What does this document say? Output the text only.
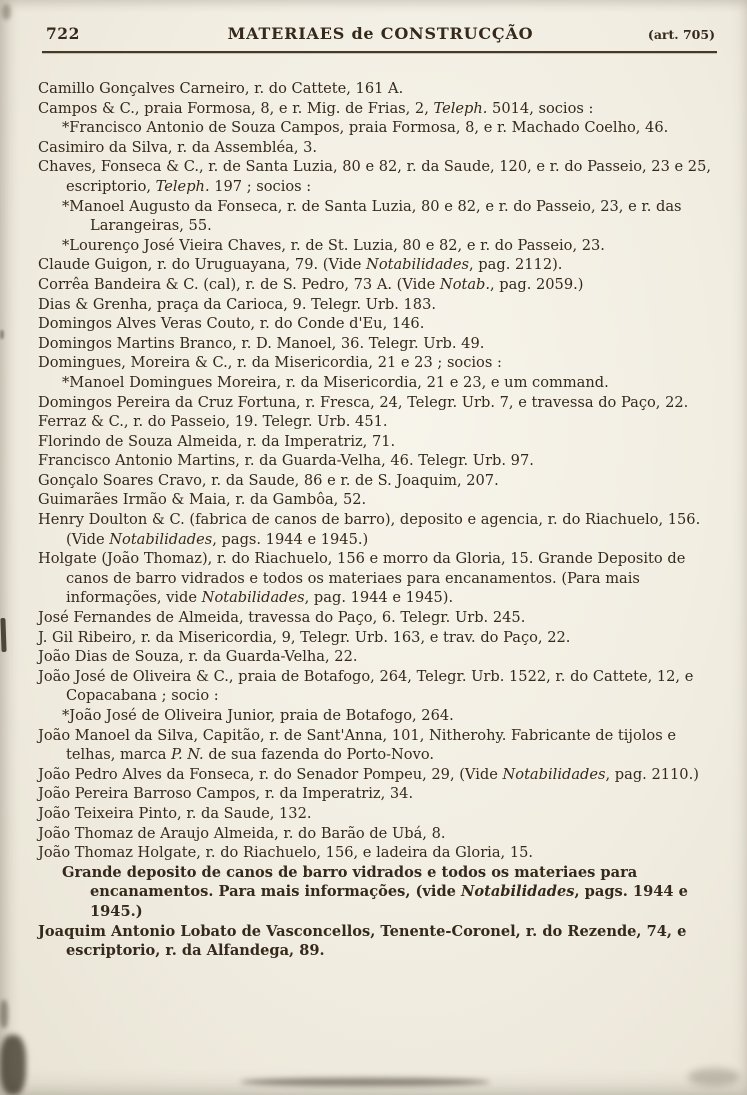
722	MATERIAES de CONSTRUCÇÃO	(art. 705)
Camillo Gonçalves Carneiro, r. do Cattete, 161 A.
Campos & C., praia Formosa, 8, e r. Mig. de Frias, 2, Teleph. 5014, socios :
*Francisco Antonio de Souza Campos, praia Formosa, 8, e r. Machado Coelho, 46.
Casimiro da Silva, r. da Assembléa, 3.
Chaves, Fonseca & C., r. de Santa Luzia, 80 e 82, r. da Saude, 120, e r. do Passeio, 23 e 25, escriptorio, Teleph. 197 ; socios :
*Manoel Augusto da Fonseca, r. de Santa Luzia, 80 e 82, e r. do Passeio, 23, e r. das Larangeiras, 55.
*Lourenço José Vieira Chaves, r. de St. Luzia, 80 e 82, e r. do Passeio, 23.
Claude Guigon, r. do Uruguayana, 79. (Vide Notabilidades, pag. 2112).
Corrêa Bandeira & C. (cal), r. de S. Pedro, 73 A. (Vide Notab., pag. 2059.)
Dias & Grenha, praça da Carioca, 9. Telegr. Urb. 183.
Domingos Alves Veras Couto, r. do Conde d'Eu, 146.
Domingos Martins Branco, r. D. Manoel, 36. Telegr. Urb. 49.
Domingues, Moreira & C., r. da Misericordia, 21 e 23 ; socios :
*Manoel Domingues Moreira, r. da Misericordia, 21 e 23, e um command.
Domingos Pereira da Cruz Fortuna, r. Fresca, 24, Telegr. Urb. 7, e travessa do Paço, 22.
Ferraz & C., r. do Passeio, 19. Telegr. Urb. 451.
Florindo de Souza Almeida, r. da Imperatriz, 71.
Francisco Antonio Martins, r. da Guarda-Velha, 46. Telegr. Urb. 97.
Gonçalo Soares Cravo, r. da Saude, 86 e r. de S. Joaquim, 207.
Guimarães Irmão & Maia, r. da Gambôa, 52.
Henry Doulton & C. (fabrica de canos de barro), deposito e agencia, r. do Riachuelo, 156. (Vide Notabilidades, pags. 1944 e 1945.)
Holgate (João Thomaz), r. do Riachuelo, 156 e morro da Gloria, 15. Grande Deposito de canos de barro vidrados e todos os materiaes para encanamentos. (Para mais informações, vide Notabilidades, pag. 1944 e 1945).
José Fernandes de Almeida, travessa do Paço, 6. Telegr. Urb. 245.
J. Gil Ribeiro, r. da Misericordia, 9, Telegr. Urb. 163, e trav. do Paço, 22.
João Dias de Souza, r. da Guarda-Velha, 22.
João José de Oliveira & C., praia de Botafogo, 264, Telegr. Urb. 1522, r. do Cattete, 12, e Copacabana ; socio :
*João José de Oliveira Junior, praia de Botafogo, 264.
João Manoel da Silva, Capitão, r. de Sant'Anna, 101, Nitherohy. Fabricante de tijolos e telhas, marca P. N. de sua fazenda do Porto-Novo.
João Pedro Alves da Fonseca, r. do Senador Pompeu, 29, (Vide Notabilidades, pag. 2110.)
João Pereira Barroso Campos, r. da Imperatriz, 34.
João Teixeira Pinto, r. da Saude, 132.
João Thomaz de Araujo Almeida, r. do Barão de Ubá, 8.
João Thomaz Holgate, r. do Riachuelo, 156, e ladeira da Gloria, 15.
Grande deposito de canos de barro vidrados e todos os materiaes para encanamentos. Para mais informações, (vide Notabilidades, pags. 1944 e 1945.)
Joaquim Antonio Lobato de Vasconcellos, Tenente-Coronel, r. do Rezende, 74, e escriptorio, r. da Alfandega, 89.
